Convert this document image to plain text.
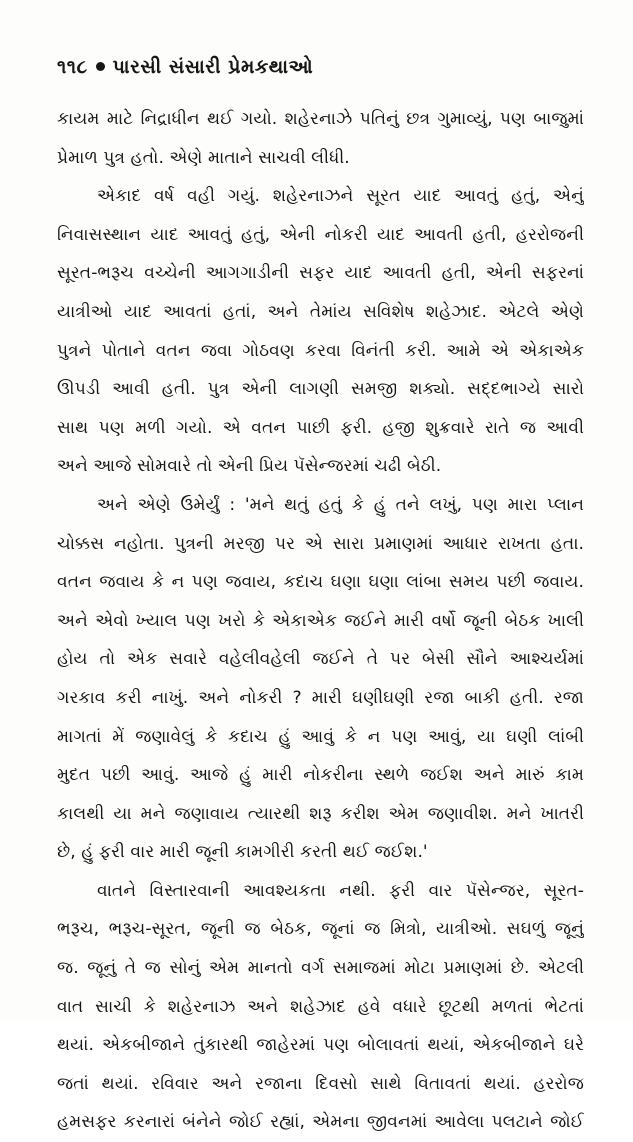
૧૧૮ પારસી સંસારી પ્રેમકથાઓ
કાયમ માટે નિદ્રાધીન થઈ ગયો. શહેરનાઝે પતિનું છત્ર ગુમાવ્યું, પણ બાજુમાં
પ્રેમાળ પુત્ર હતો. એણે માતાને સાચવી લીધી.
એકાદ વર્ષ વહી ગયું. શહેરનાઝને સૂરત યાદ આવતું હતું, એનું
નિવાસસ્થાન યાદ આવતું હતું, એની નોકરી યાદ આવતી હતી, હરરોજની
સૂરત-ભરૂચ વચ્ચેની આગગાડીની સફર યાદ આવતી હતી, એની સફરનાં
યાત્રીઓ યાદ આવતાં હતાં, અને તેમાંય સવિશેષ શહેઝાદ. એટલે એણે
પુત્રને પોતાને વતન જવા ગોઠવણ કરવા વિનંતી કરી. આમે એ એકાએક
ઊપડી આવી હતી. પુત્ર એની લાગણી સમજી શક્યો. સદ્દભાગ્યે સારો
સાથ પણ મળી ગયો. એ વતન પાછી ફરી. હજી શુક્રવારે રાતે જ આવી
અને આજે સોમવારે તો એની પ્રિય પૅસેન્જરમાં ચઢી બેઠી.
અને એણે ઉમેર્યું : 'મને થતું હતું કે હું તને લખું, પણ મારા પ્લાન
ચોક્કસ નહોતા. પુત્રની મરજી પર એ સારા પ્રમાણમાં આધાર રાખતા હતા.
વતન જવાય કે ન પણ જવાય, કદાચ ઘણા ઘણા લાંબા સમય પછી જવાય.
અને એવો ખ્યાલ પણ ખરો કે એકાએક જઈને મારી વર્ષો જૂની બેઠક ખાલી
હોય તો એક સવારે વહેલીવહેલી જઈને તે પર બેસી સૌને આશ્ચર્યમાં
ગરકાવ કરી નાખું. અને નોકરી ? મારી ઘણીઘણી રજા બાકી હતી. રજા
માગતાં મેં જણાવેલું કે કદાચ હું આવું કે ન પણ આવું, યા ઘણી લાંબી
મુદત પછી આવું. આજે હું મારી નોકરીના સ્થળે જઈશ અને મારું કામ
કાલથી યા મને જણાવાય ત્યારથી શરૂ કરીશ એમ જણાવીશ. મને ખાતરી
છે, હું ફરી વાર મારી જૂની કામગીરી કરતી થઈ જઈશ.'
વાતને વિસ્તારવાની આવશ્યકતા નથી. ફરી વાર પૅસેન્જર, સૂરત-
ભરૂચ, ભરૂચ-સૂરત, જૂની જ બેઠક, જૂનાં જ મિત્રો, યાત્રીઓ. સઘળું જૂનું
જ. જૂનું તે જ સોનું એમ માનતો વર્ગ સમાજમાં મોટા પ્રમાણમાં છે. એટલી
વાત સાચી કે શહેરનાઝ અને શહેઝાદ હવે વધારે છૂટથી મળતાં ભેટતાં
થયાં. એકબીજાને તુંકારથી જાહેરમાં પણ બોલાવતાં થયાં, એકબીજાને ઘરે
જતાં થયાં. રવિવાર અને રજાના દિવસો સાથે વિતાવતાં થયાં. હરરોજ
હમસફર કરનારાં બંનેને જોઈ રહ્યાં, એમના જીવનમાં આવેલા પલટાને જોઈ
